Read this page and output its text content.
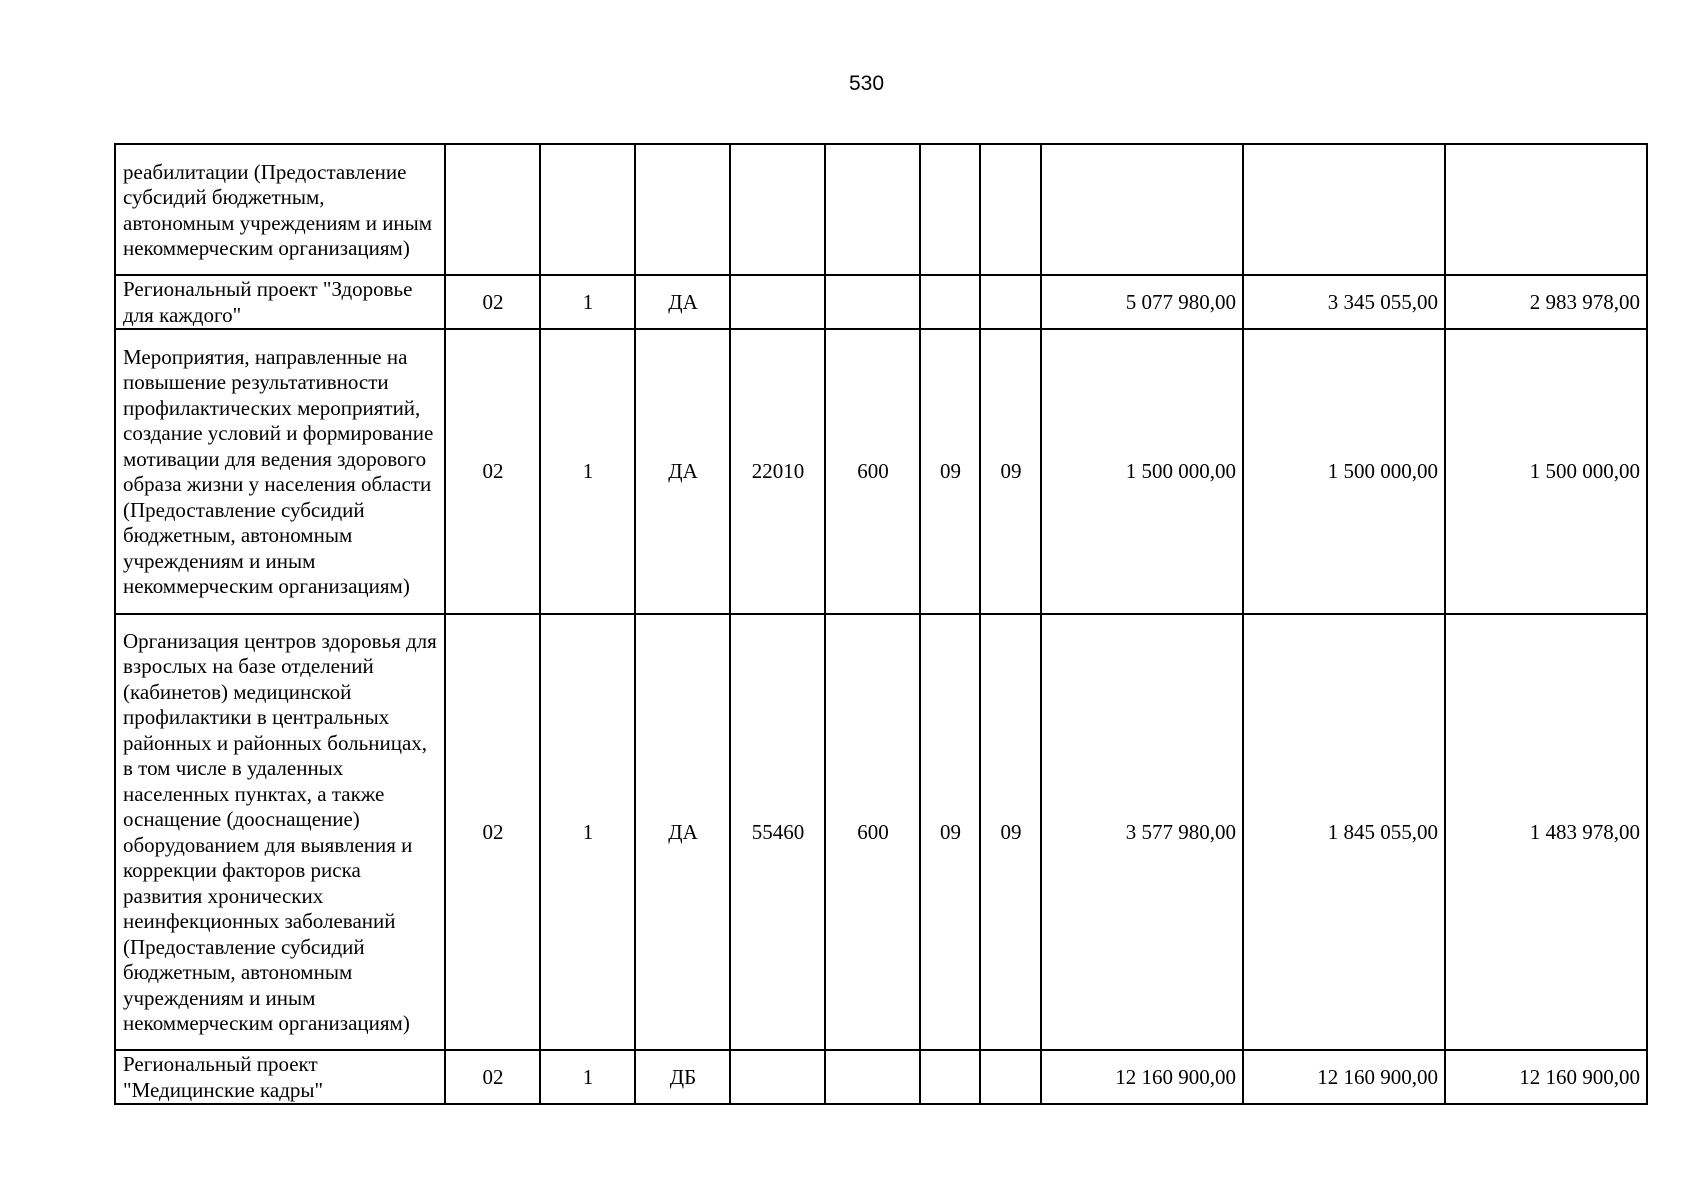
530
реабилитации (Предоставление субсидий бюджетным, автономным учреждениям и иным некоммерческим организациям)										
Региональный проект "Здоровье для каждого"	02	1	ДА					5 077 980,00	3 345 055,00	2 983 978,00
Мероприятия, направленные на повышение результативности профилактических мероприятий, создание условий и формирование мотивации для ведения здорового образа жизни у населения области (Предоставление субсидий бюджетным, автономным учреждениям и иным некоммерческим организациям)	02	1	ДА	22010	600	09	09	1 500 000,00	1 500 000,00	1 500 000,00
Организация центров здоровья для взрослых на базе отделений (кабинетов) медицинской профилактики в центральных районных и районных больницах, в том числе в удаленных населенных пунктах, а также оснащение (дооснащение) оборудованием для выявления и коррекции факторов риска развития хронических неинфекционных заболеваний (Предоставление субсидий бюджетным, автономным учреждениям и иным некоммерческим организациям)	02	1	ДА	55460	600	09	09	3 577 980,00	1 845 055,00	1 483 978,00
Региональный проект "Медицинские кадры"	02	1	ДБ					12 160 900,00	12 160 900,00	12 160 900,00
